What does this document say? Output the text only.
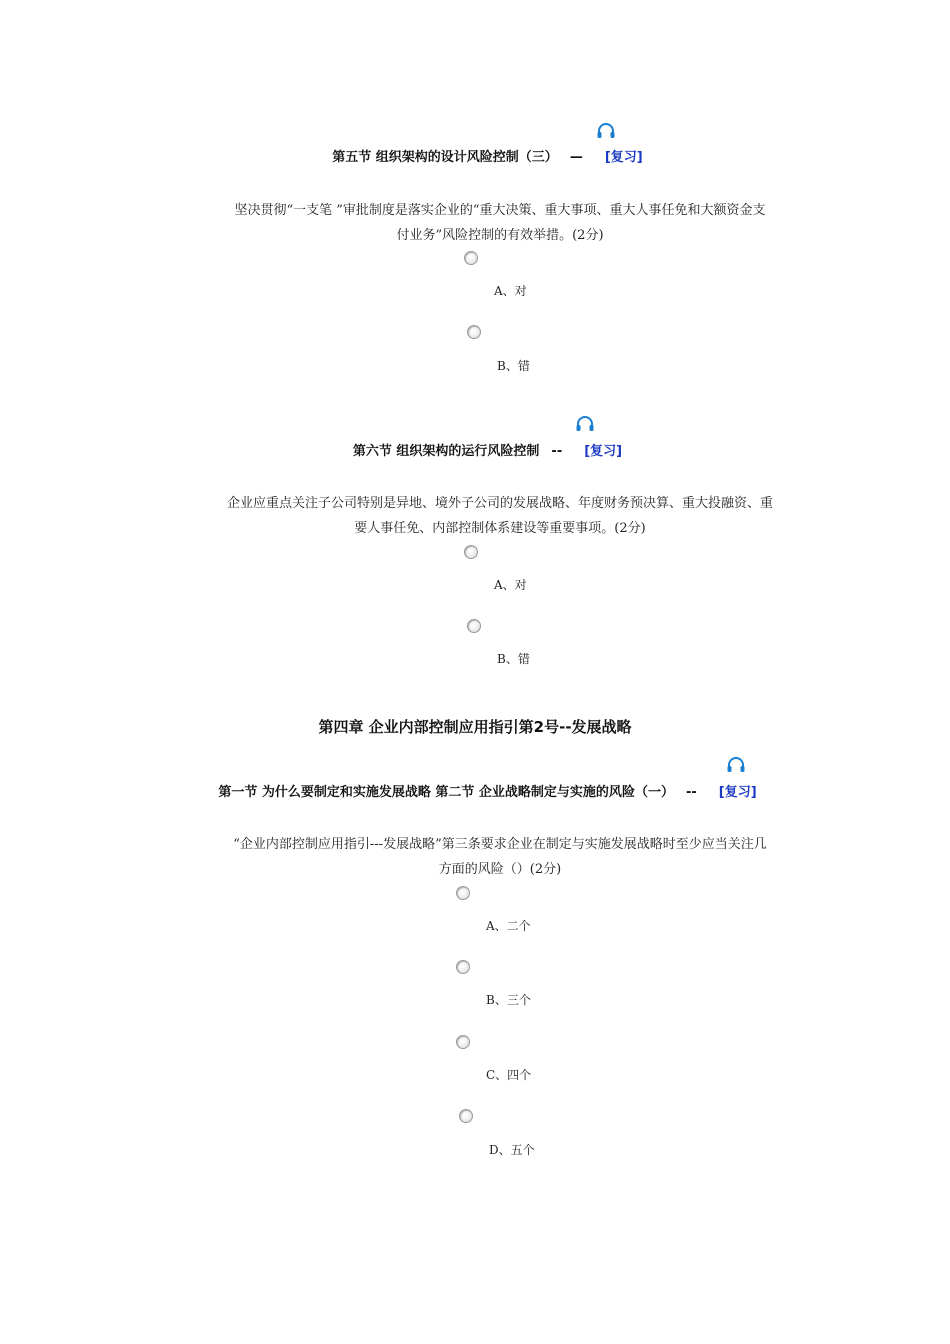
第五节 组织架构的设计风险控制（三） — [复习]
坚决贯彻“一支笔 ”审批制度是落实企业的“重大决策、重大事项、重大人事任免和大额资金支
付业务”风险控制的有效举措。(2分)
A、对
B、错
第六节 组织架构的运行风险控制 -- [复习]
企业应重点关注子公司特别是异地、境外子公司的发展战略、年度财务预决算、重大投融资、重
要人事任免、内部控制体系建设等重要事项。(2分)
A、对
B、错
第四章 企业内部控制应用指引第2号--发展战略
第一节 为什么要制定和实施发展战略 第二节 企业战略制定与实施的风险（一） -- [复习]
“企业内部控制应用指引---发展战略”第三条要求企业在制定与实施发展战略时至少应当关注几
方面的风险（）(2分)
A、二个
B、三个
C、四个
D、五个
